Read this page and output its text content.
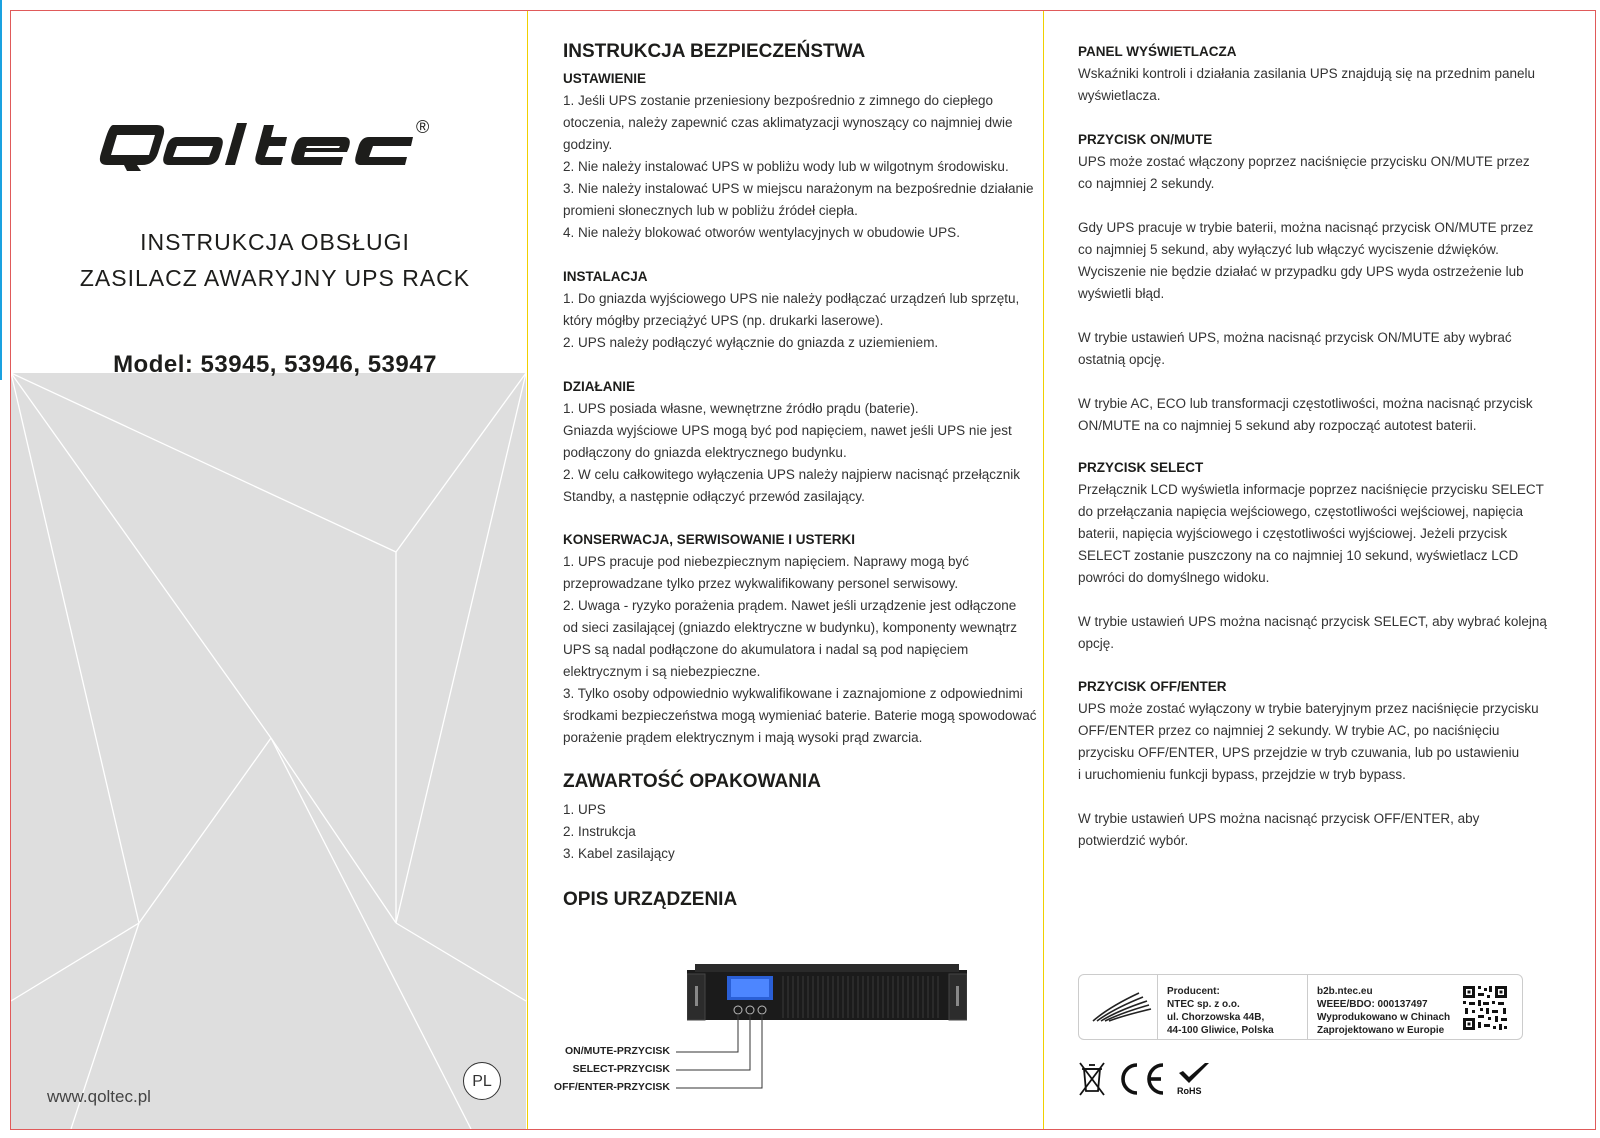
®
INSTRUKCJA OBSŁUGI
ZASILACZ AWARYJNY UPS RACK
Model: 53945, 53946, 53947
www.qoltec.pl
PL
INSTRUKCJA BEZPIECZEŃSTWA

USTAWIENIE

1. Jeśli UPS zostanie przeniesiony bezpośrednio z zimnego do ciepłego

otoczenia, należy zapewnić czas aklimatyzacji wynoszący co najmniej dwie

godziny.

2. Nie należy instalować UPS w pobliżu wody lub w wilgotnym środowisku.

3. Nie należy instalować UPS w miejscu narażonym na bezpośrednie działanie

promieni słonecznych lub w pobliżu źródeł ciepła.

4. Nie należy blokować otworów wentylacyjnych w obudowie UPS.

INSTALACJA

1. Do gniazda wyjściowego UPS nie należy podłączać urządzeń lub sprzętu,

który mógłby przeciążyć UPS (np. drukarki laserowe).

2. UPS należy podłączyć wyłącznie do gniazda z uziemieniem.

DZIAŁANIE

1. UPS posiada własne, wewnętrzne źródło prądu (baterie).

Gniazda wyjściowe UPS mogą być pod napięciem, nawet jeśli UPS nie jest

podłączony do gniazda elektrycznego budynku.

2. W celu całkowitego wyłączenia UPS należy najpierw nacisnąć przełącznik

Standby, a następnie odłączyć przewód zasilający.

KONSERWACJA, SERWISOWANIE I USTERKI

1. UPS pracuje pod niebezpiecznym napięciem. Naprawy mogą być

przeprowadzane tylko przez wykwalifikowany personel serwisowy.

2. Uwaga - ryzyko porażenia prądem. Nawet jeśli urządzenie jest odłączone

od sieci zasilającej (gniazdo elektryczne w budynku), komponenty wewnątrz

UPS są nadal podłączone do akumulatora i nadal są pod napięciem

elektrycznym i są niebezpieczne.

3. Tylko osoby odpowiednio wykwalifikowane i zaznajomione z odpowiednimi

środkami bezpieczeństwa mogą wymieniać baterie. Baterie mogą spowodować

porażenie prądem elektrycznym i mają wysoki prąd zwarcia.

ZAWARTOŚĆ OPAKOWANIA

1. UPS

2. Instrukcja

3. Kabel zasilający

OPIS URZĄDZENIA
ON/MUTE-PRZYCISK
SELECT-PRZYCISK
OFF/ENTER-PRZYCISK

PANEL WYŚWIETLACZA

Wskaźniki kontroli i działania zasilania UPS znajdują się na przednim panelu

wyświetlacza.

PRZYCISK ON/MUTE

UPS może zostać włączony poprzez naciśnięcie przycisku ON/MUTE przez

co najmniej 2 sekundy.

Gdy UPS pracuje w trybie baterii, można nacisnąć przycisk ON/MUTE przez

co najmniej 5 sekund, aby wyłączyć lub włączyć wyciszenie dźwięków.

Wyciszenie nie będzie działać w przypadku gdy UPS wyda ostrzeżenie lub

wyświetli błąd.

W trybie ustawień UPS, można nacisnąć przycisk ON/MUTE aby wybrać

ostatnią opcję.

W trybie AC, ECO lub transformacji częstotliwości, można nacisnąć przycisk

ON/MUTE na co najmniej 5 sekund aby rozpocząć autotest baterii.

PRZYCISK SELECT

Przełącznik LCD wyświetla informacje poprzez naciśnięcie przycisku SELECT

do przełączania napięcia wejściowego, częstotliwości wejściowej, napięcia

baterii, napięcia wyjściowego i częstotliwości wyjściowej. Jeżeli przycisk

SELECT zostanie puszczony na co najmniej 10 sekund, wyświetlacz LCD

powróci do domyślnego widoku.

W trybie ustawień UPS można nacisnąć przycisk SELECT, aby wybrać kolejną

opcję.

PRZYCISK OFF/ENTER

UPS może zostać wyłączony w trybie bateryjnym przez naciśnięcie przycisku

OFF/ENTER przez co najmniej 2 sekundy. W trybie AC, po naciśnięciu

przycisku OFF/ENTER, UPS przejdzie w tryb czuwania, lub po ustawieniu

i uruchomieniu funkcji bypass, przejdzie w tryb bypass.

W trybie ustawień UPS można nacisnąć przycisk OFF/ENTER, aby

potwierdzić wybór.

Producent:
NTEC sp. z o.o.
ul. Chorzowska 44B,
44-100 Gliwice, Polska
b2b.ntec.eu
WEEE/BDO: 000137497
Wyprodukowano w Chinach
Zaprojektowano w Europie
CE
RoHS
